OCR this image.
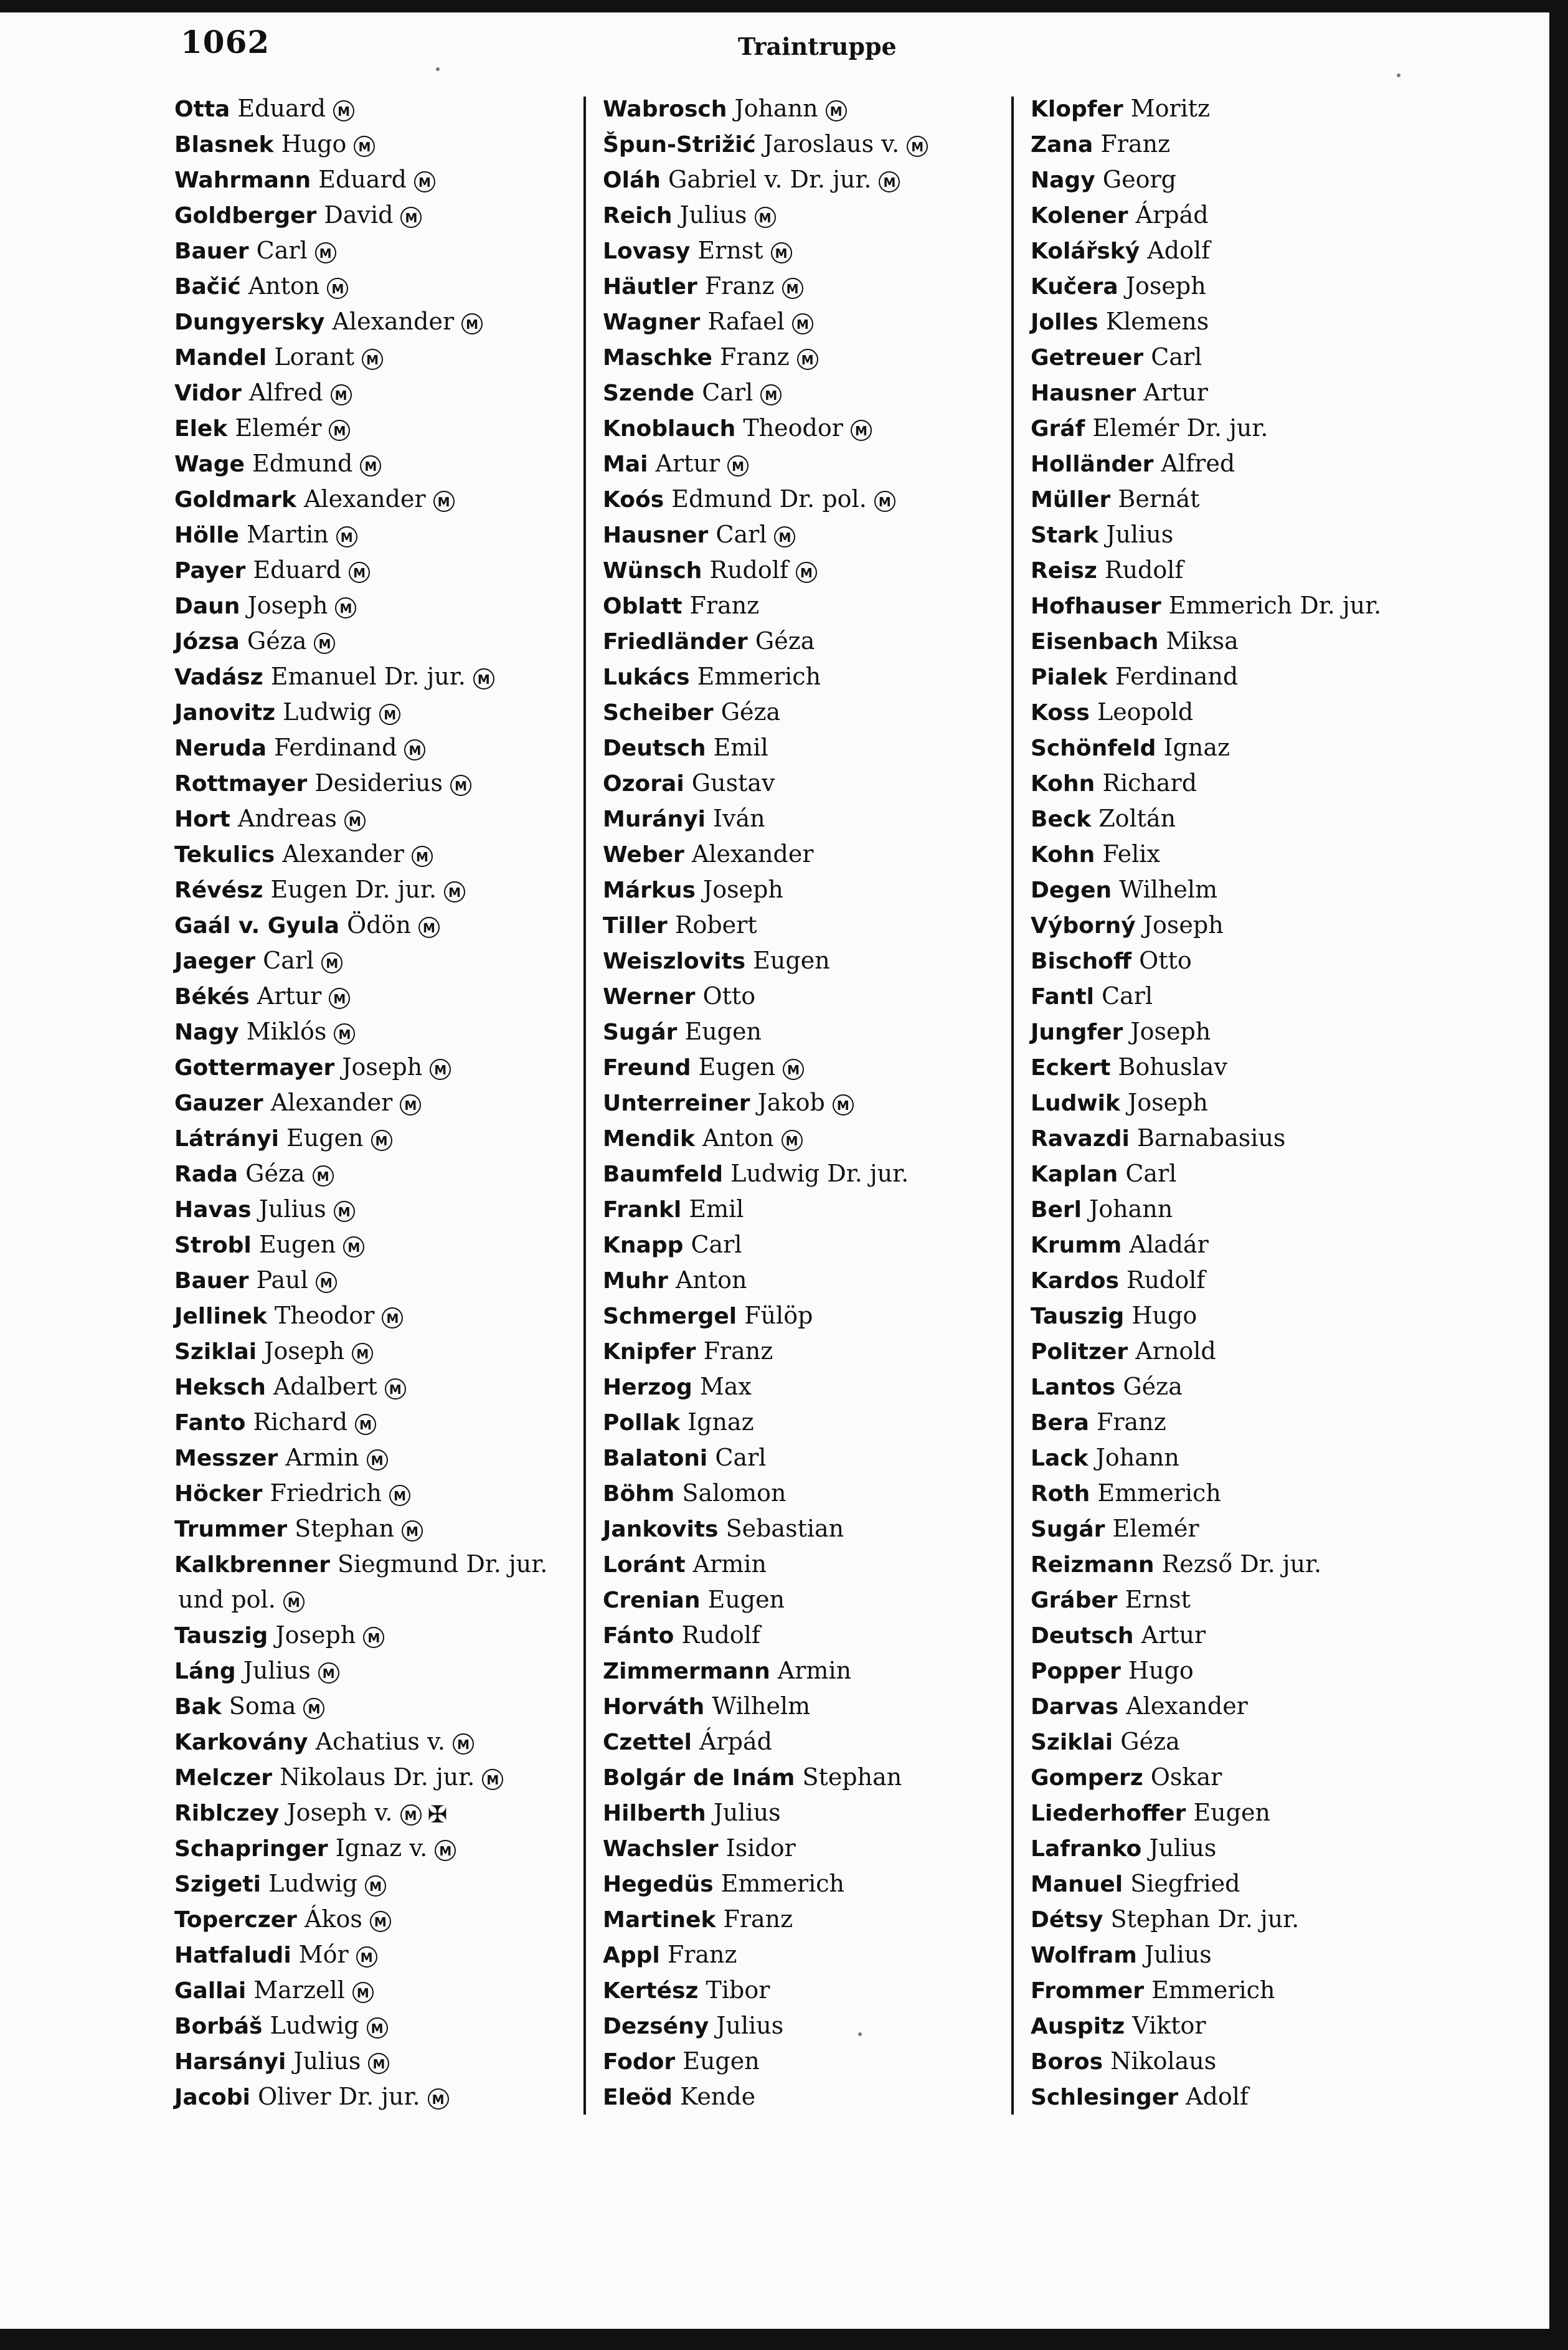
1062	Traintruppe
Otta Eduard M
Blasnek Hugo M
Wahrmann Eduard M
Goldberger David M
Bauer Carl M
Bačić Anton M
Dungyersky Alexander M
Mandel Lorant M
Vidor Alfred M
Elek Elemér M
Wage Edmund M
Goldmark Alexander M
Hölle Martin M
Payer Eduard M
Daun Joseph M
Józsa Géza M
Vadász Emanuel Dr. jur. M
Janovitz Ludwig M
Neruda Ferdinand M
Rottmayer Desiderius M
Hort Andreas M
Tekulics Alexander M
Révész Eugen Dr. jur. M
Gaál v. Gyula Ödön M
Jaeger Carl M
Békés Artur M
Nagy Miklós M
Gottermayer Joseph M
Gauzer Alexander M
Látrányi Eugen M
Rada Géza M
Havas Julius M
Strobl Eugen M
Bauer Paul M
Jellinek Theodor M
Sziklai Joseph M
Heksch Adalbert M
Fanto Richard M
Messzer Armin M
Höcker Friedrich M
Trummer Stephan M
Kalkbrenner Siegmund Dr. jur.
und pol. M
Tauszig Joseph M
Láng Julius M
Bak Soma M
Karkovány Achatius v. M
Melczer Nikolaus Dr. jur. M
Riblczey Joseph v. M ✠
Schapringer Ignaz v. M
Szigeti Ludwig M
Toperczer Ákos M
Hatfaludi Mór M
Gallai Marzell M
Borbáš Ludwig M
Harsányi Julius M
Jacobi Oliver Dr. jur. M
Wabrosch Johann M
Špun-Strižić Jaroslaus v. M
Oláh Gabriel v. Dr. jur. M
Reich Julius M
Lovasy Ernst M
Häutler Franz M
Wagner Rafael M
Maschke Franz M
Szende Carl M
Knoblauch Theodor M
Mai Artur M
Koós Edmund Dr. pol. M
Hausner Carl M
Wünsch Rudolf M
Oblatt Franz
Friedländer Géza
Lukács Emmerich
Scheiber Géza
Deutsch Emil
Ozorai Gustav
Murányi Iván
Weber Alexander
Márkus Joseph
Tiller Robert
Weiszlovits Eugen
Werner Otto
Sugár Eugen
Freund Eugen M
Unterreiner Jakob M
Mendik Anton M
Baumfeld Ludwig Dr. jur.
Frankl Emil
Knapp Carl
Muhr Anton
Schmergel Fülöp
Knipfer Franz
Herzog Max
Pollak Ignaz
Balatoni Carl
Böhm Salomon
Jankovits Sebastian
Loránt Armin
Crenian Eugen
Fánto Rudolf
Zimmermann Armin
Horváth Wilhelm
Czettel Árpád
Bolgár de Inám Stephan
Hilberth Julius
Wachsler Isidor
Hegedüs Emmerich
Martinek Franz
Appl Franz
Kertész Tibor
Dezsény Julius
Fodor Eugen
Eleöd Kende
Klopfer Moritz
Zana Franz
Nagy Georg
Kolener Árpád
Kolářský Adolf
Kučera Joseph
Jolles Klemens
Getreuer Carl
Hausner Artur
Gráf Elemér Dr. jur.
Holländer Alfred
Müller Bernát
Stark Julius
Reisz Rudolf
Hofhauser Emmerich Dr. jur.
Eisenbach Miksa
Pialek Ferdinand
Koss Leopold
Schönfeld Ignaz
Kohn Richard
Beck Zoltán
Kohn Felix
Degen Wilhelm
Výborný Joseph
Bischoff Otto
Fantl Carl
Jungfer Joseph
Eckert Bohuslav
Ludwik Joseph
Ravazdi Barnabasius
Kaplan Carl
Berl Johann
Krumm Aladár
Kardos Rudolf
Tauszig Hugo
Politzer Arnold
Lantos Géza
Bera Franz
Lack Johann
Roth Emmerich
Sugár Elemér
Reizmann Rezső Dr. jur.
Gráber Ernst
Deutsch Artur
Popper Hugo
Darvas Alexander
Sziklai Géza
Gomperz Oskar
Liederhoffer Eugen
Lafranko Julius
Manuel Siegfried
Détsy Stephan Dr. jur.
Wolfram Julius
Frommer Emmerich
Auspitz Viktor
Boros Nikolaus
Schlesinger Adolf
